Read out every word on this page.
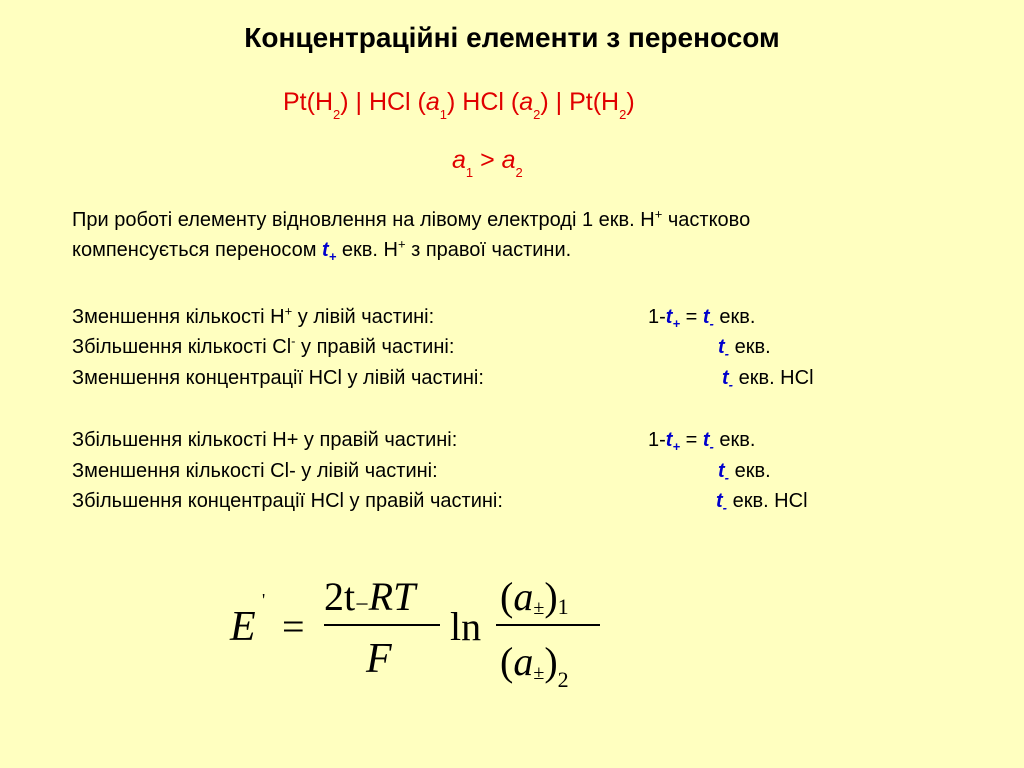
Концентраційні елементи з переносом
$Pt(H_2)$ | HCl $(a_1)$ HCl $(a_2)$ | $Pt(H_2)$
$a_1 > a_2$
При роботі елементу відновлення на лівому електроді 1 екв. H+ частково
компенсується переносом $t_+$ екв. H+ з правої частини.
Зменшення кількості H+ у лівій частині:	$1-t_+ = t_-$ екв.
Збільшення кількості Cl- у правій частині:	$t_-$ екв.
Зменшення концентрації HCl у лівій частині:	$t_-$ екв. HCl
Збільшення кількості H+ у правій частині:	$1-t_+ = t_-$ екв.
Зменшення кількості Cl- у лівій частині:	$t_-$ екв.
Збільшення концентрації HCl у правій частині:	$t_-$ екв. HCl
E
'
=
2t−RT
F
ln
(a±)1
$(a\pm)_2$
